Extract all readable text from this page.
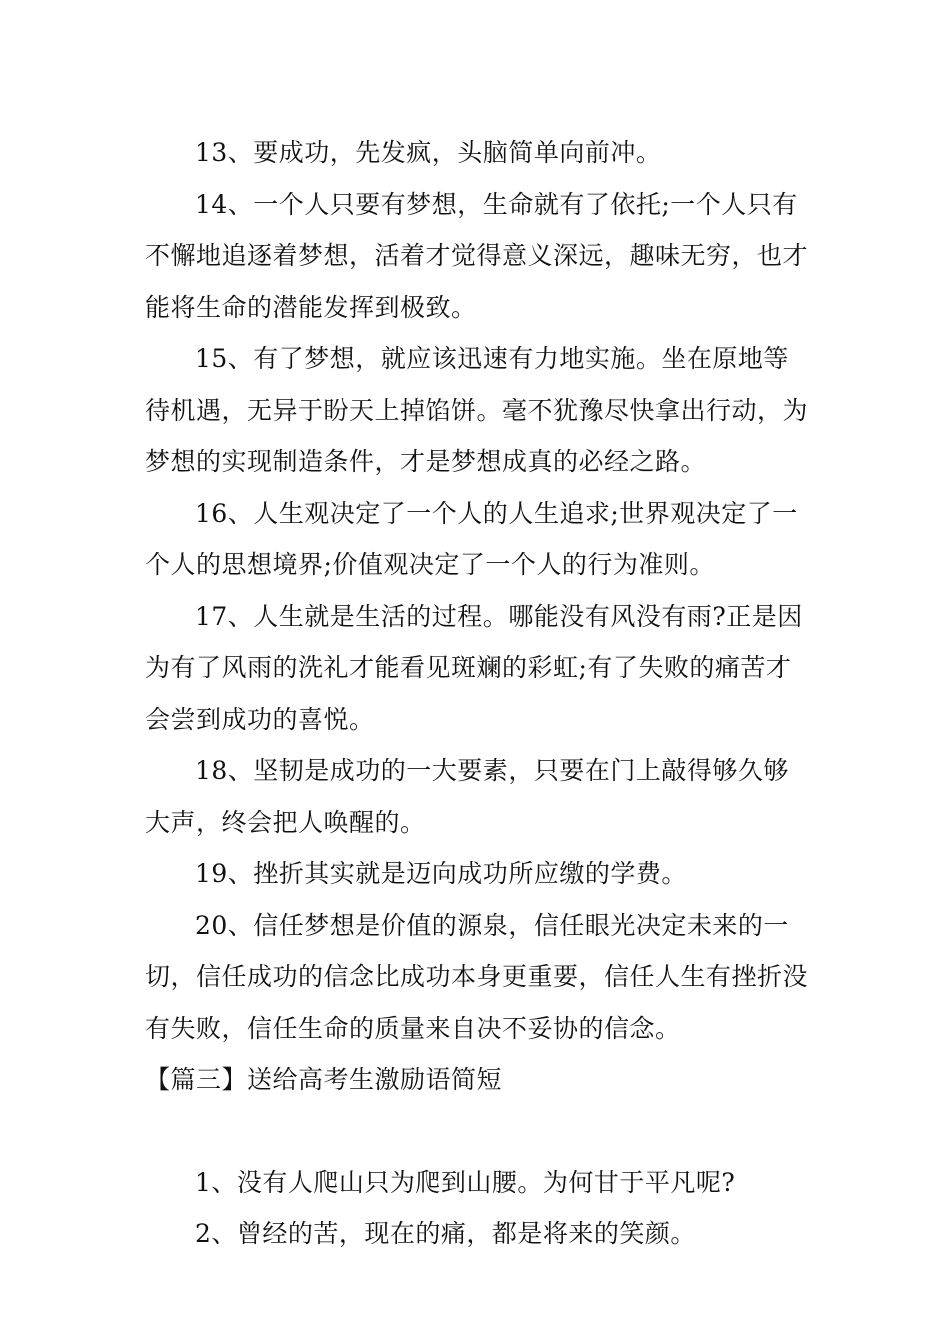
13、要成功，先发疯，头脑简单向前冲。

14、一个人只要有梦想，生命就有了依托;一个人只有不懈地追逐着梦想，活着才觉得意义深远，趣味无穷，也才能将生命的潜能发挥到极致。

15、有了梦想，就应该迅速有力地实施。坐在原地等待机遇，无异于盼天上掉馅饼。毫不犹豫尽快拿出行动，为梦想的实现制造条件，才是梦想成真的必经之路。

16、人生观决定了一个人的人生追求;世界观决定了一个人的思想境界;价值观决定了一个人的行为准则。

17、人生就是生活的过程。哪能没有风没有雨?正是因为有了风雨的洗礼才能看见斑斓的彩虹;有了失败的痛苦才会尝到成功的喜悦。

18、坚韧是成功的一大要素，只要在门上敲得够久够大声，终会把人唤醒的。

19、挫折其实就是迈向成功所应缴的学费。

20、信任梦想是价值的源泉，信任眼光决定未来的一切，信任成功的信念比成功本身更重要，信任人生有挫折没有失败，信任生命的质量来自决不妥协的信念。

【篇三】送给高考生激励语简短

1、没有人爬山只为爬到山腰。为何甘于平凡呢?

2、曾经的苦，现在的痛，都是将来的笑颜。
